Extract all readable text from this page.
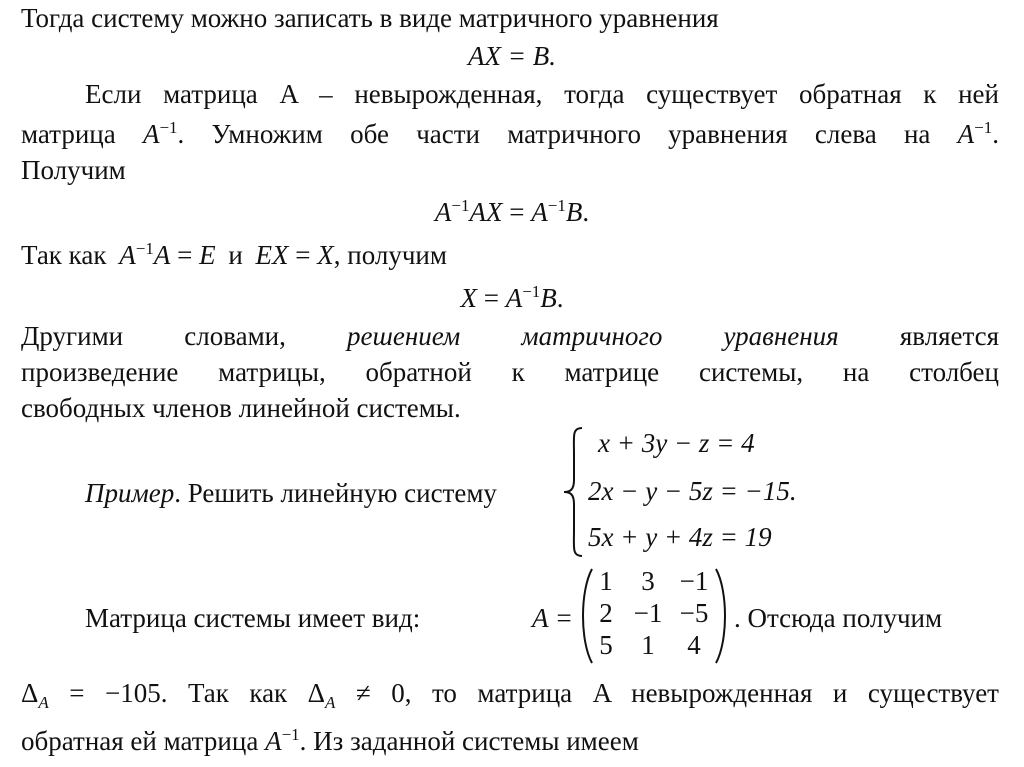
Тогда систему можно записать в виде матричного уравнения
AX = B.
Если матрица A – невырожденная, тогда существует обратная к ней
матрица $A^{-1}$. Умножим обе части матричного уравнения слева на $A^{-1}$.
Получим
$A^{-1}AX = A^{-1}B$.
Так как $A^{-1}A = E$ и EX = X, получим
$X = A^{-1}B$.
Другими словами, решением матричного уравнения является
произведение матрицы, обратной к матрице системы, на столбец
свободных членов линейной системы.
Пример. Решить линейную систему
x + 3y − z = 4
2x − y − 5z = −15.
5x + y + 4z = 19
Матрица системы имеет вид:	A =	. Отсюда получим
1	3 −1
2 −1 −5
5	1	4
$\Delta_A = -105$. Так как $\Delta_A \ne 0$, то матрица A невырожденная и существует
обратная ей матрица $A^{-1}$. Из заданной системы имеем
